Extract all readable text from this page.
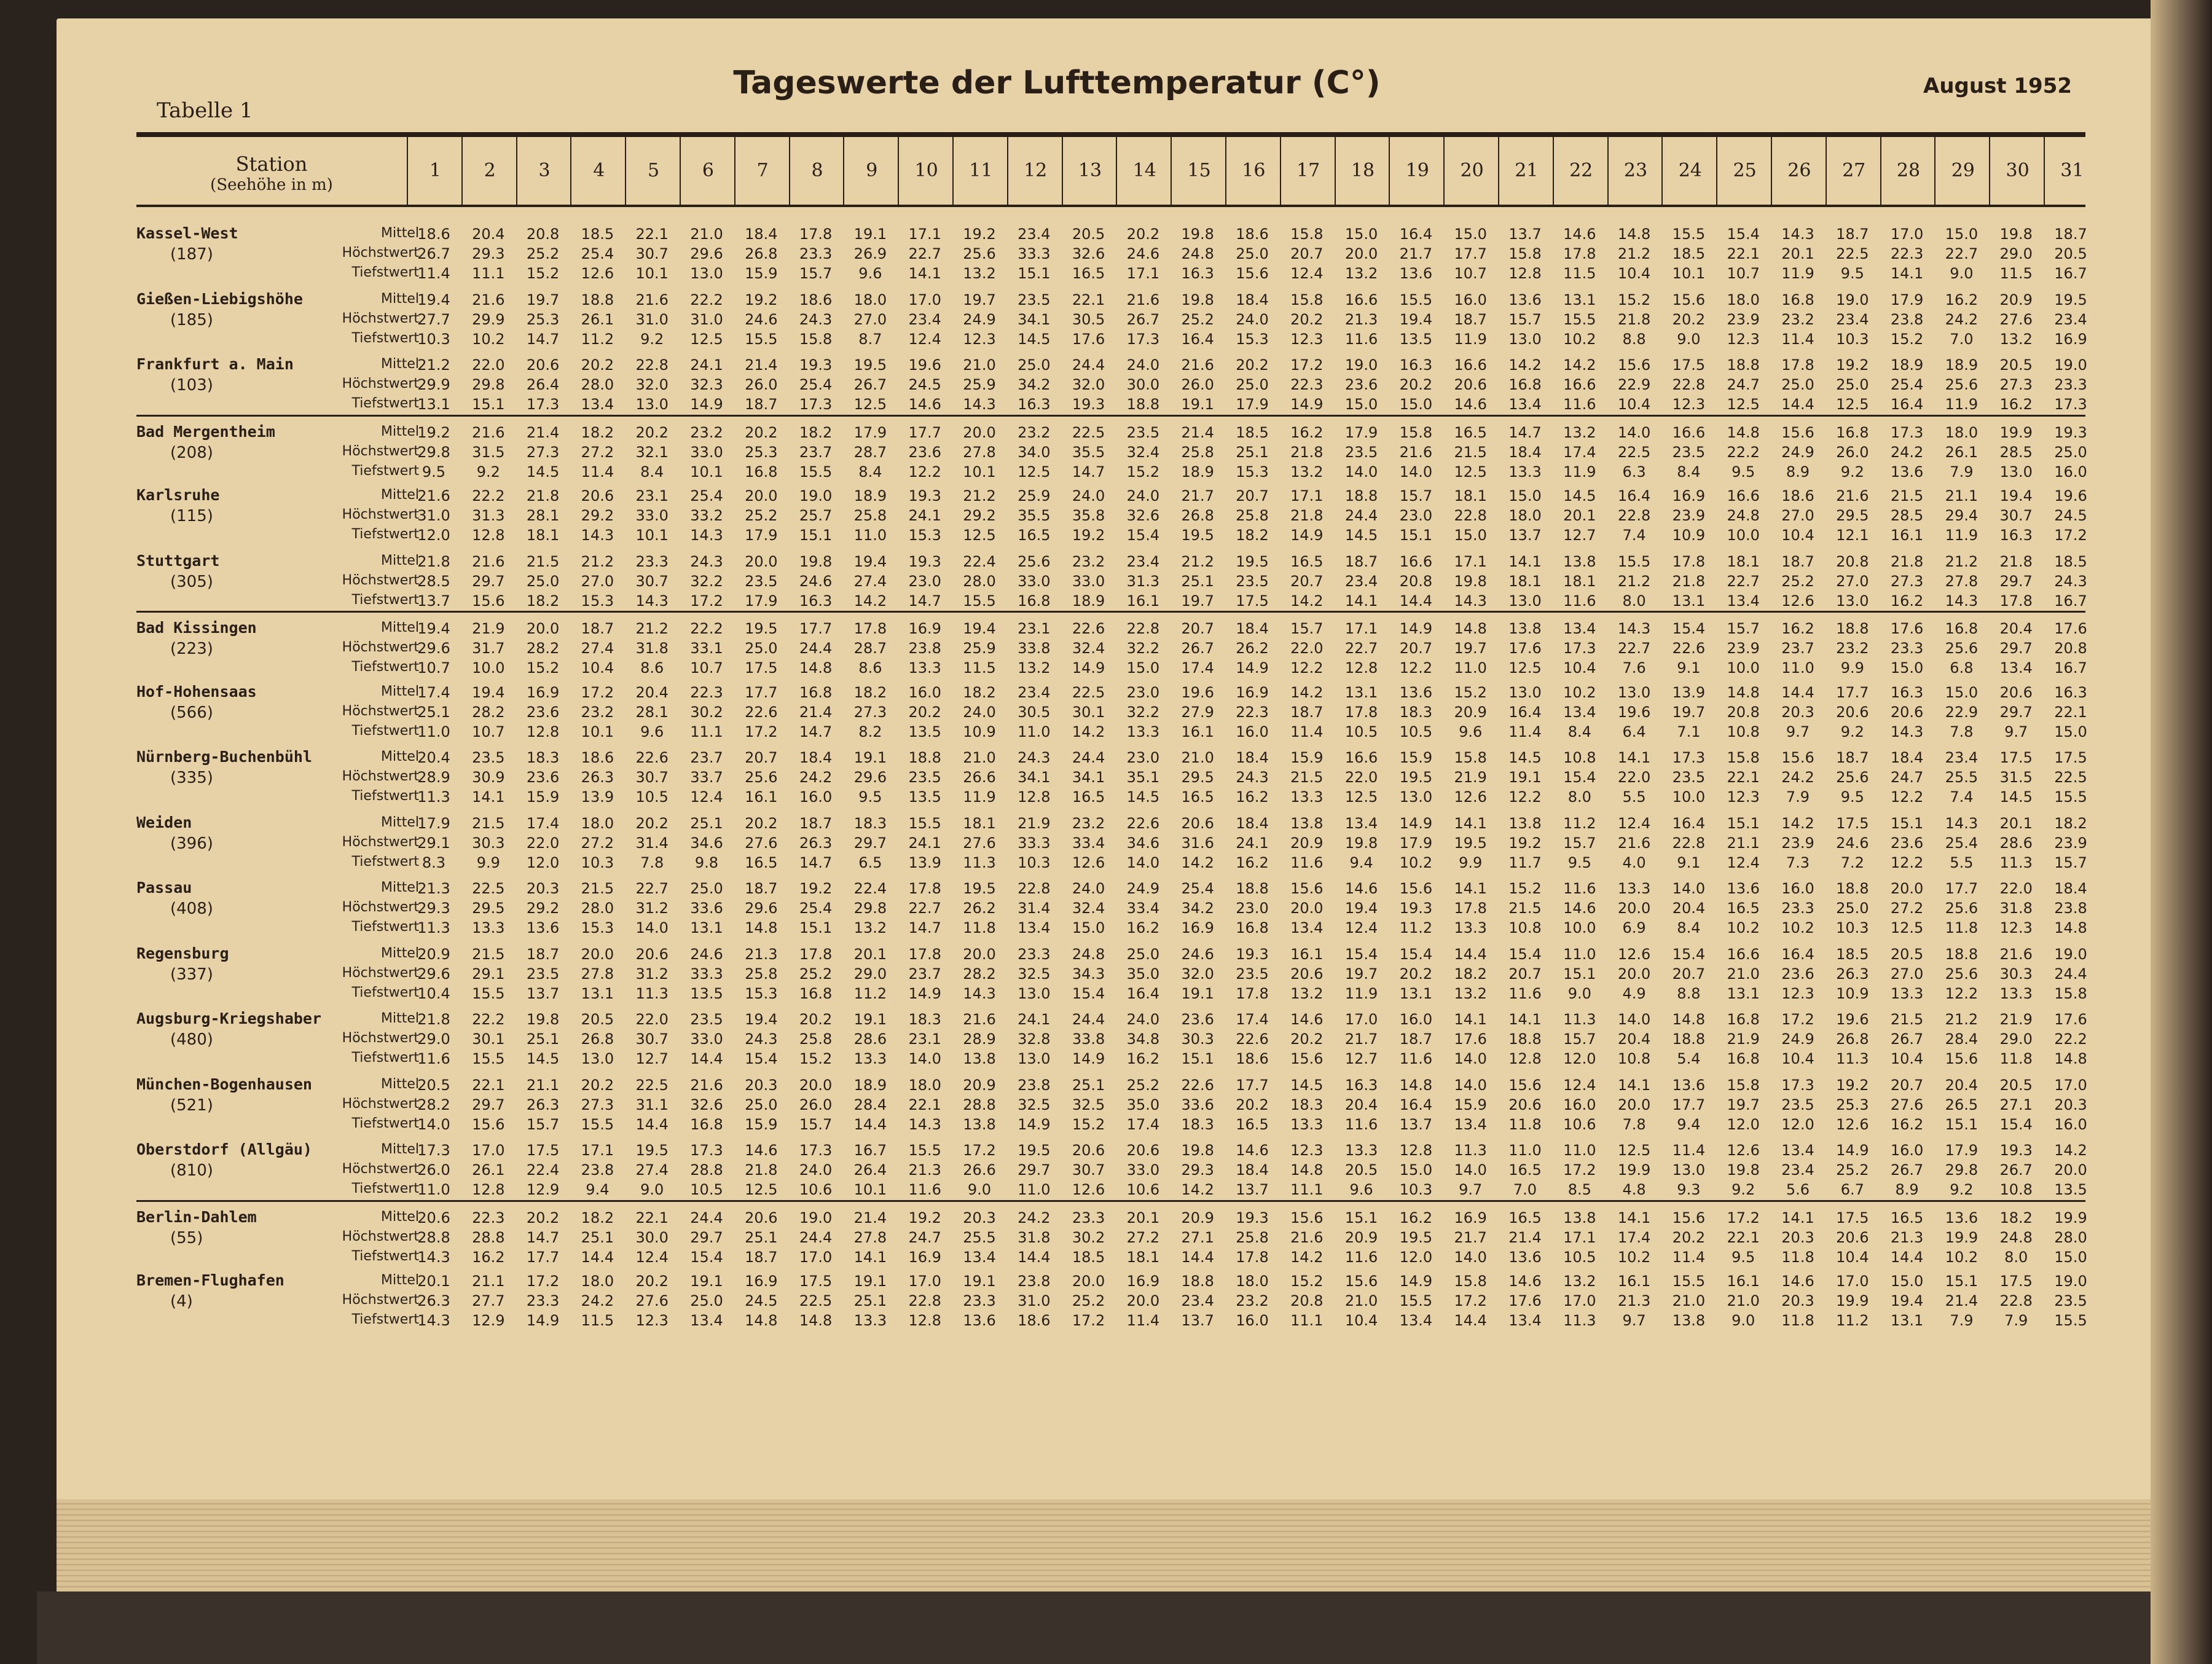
Tabelle 1
Tageswerte der Lufttemperatur (C°)	August 1952
Station
(Seehöhe in m)
1	2	3	4	5	6	7	8	9	10	11	12	13	14	15	16	17	18	19	20	21	22	23	24	25	26	27	28	29	30	31
Kassel-West
(187)
Mittel
18.6	20.4	20.8	18.5	22.1	21.0	18.4	17.8	19.1	17.1	19.2	23.4	20.5	20.2	19.8	18.6	15.8	15.0	16.4	15.0	13.7	14.6	14.8	15.5	15.4	14.3	18.7	17.0	15.0	19.8	18.7
Höchstwert
26.7	29.3	25.2	25.4	30.7	29.6	26.8	23.3	26.9	22.7	25.6	33.3	32.6	24.6	24.8	25.0	20.7	20.0	21.7	17.7	15.8	17.8	21.2	18.5	22.1	20.1	22.5	22.3	22.7	29.0	20.5
Tiefstwert
11.4	11.1	15.2	12.6	10.1	13.0	15.9	15.7	9.6	14.1	13.2	15.1	16.5	17.1	16.3	15.6	12.4	13.2	13.6	10.7	12.8	11.5	10.4	10.1	10.7	11.9	9.5	14.1	9.0	11.5	16.7
Gießen-Liebigshöhe
(185)
Mittel
19.4	21.6	19.7	18.8	21.6	22.2	19.2	18.6	18.0	17.0	19.7	23.5	22.1	21.6	19.8	18.4	15.8	16.6	15.5	16.0	13.6	13.1	15.2	15.6	18.0	16.8	19.0	17.9	16.2	20.9	19.5
Höchstwert
27.7	29.9	25.3	26.1	31.0	31.0	24.6	24.3	27.0	23.4	24.9	34.1	30.5	26.7	25.2	24.0	20.2	21.3	19.4	18.7	15.7	15.5	21.8	20.2	23.9	23.2	23.4	23.8	24.2	27.6	23.4
Tiefstwert
10.3	10.2	14.7	11.2	9.2	12.5	15.5	15.8	8.7	12.4	12.3	14.5	17.6	17.3	16.4	15.3	12.3	11.6	13.5	11.9	13.0	10.2	8.8	9.0	12.3	11.4	10.3	15.2	7.0	13.2	16.9
Frankfurt a. Main
(103)
Mittel
21.2	22.0	20.6	20.2	22.8	24.1	21.4	19.3	19.5	19.6	21.0	25.0	24.4	24.0	21.6	20.2	17.2	19.0	16.3	16.6	14.2	14.2	15.6	17.5	18.8	17.8	19.2	18.9	18.9	20.5	19.0
Höchstwert
29.9	29.8	26.4	28.0	32.0	32.3	26.0	25.4	26.7	24.5	25.9	34.2	32.0	30.0	26.0	25.0	22.3	23.6	20.2	20.6	16.8	16.6	22.9	22.8	24.7	25.0	25.0	25.4	25.6	27.3	23.3
Tiefstwert
13.1	15.1	17.3	13.4	13.0	14.9	18.7	17.3	12.5	14.6	14.3	16.3	19.3	18.8	19.1	17.9	14.9	15.0	15.0	14.6	13.4	11.6	10.4	12.3	12.5	14.4	12.5	16.4	11.9	16.2	17.3
Bad Mergentheim
(208)
Mittel
19.2	21.6	21.4	18.2	20.2	23.2	20.2	18.2	17.9	17.7	20.0	23.2	22.5	23.5	21.4	18.5	16.2	17.9	15.8	16.5	14.7	13.2	14.0	16.6	14.8	15.6	16.8	17.3	18.0	19.9	19.3
Höchstwert
29.8	31.5	27.3	27.2	32.1	33.0	25.3	23.7	28.7	23.6	27.8	34.0	35.5	32.4	25.8	25.1	21.8	23.5	21.6	21.5	18.4	17.4	22.5	23.5	22.2	24.9	26.0	24.2	26.1	28.5	25.0
Tiefstwert 9.5	9.2	14.5	11.4	8.4	10.1	16.8	15.5	8.4	12.2	10.1	12.5	14.7	15.2	18.9	15.3	13.2	14.0	14.0	12.5	13.3	11.9	6.3	8.4	9.5	8.9	9.2	13.6	7.9	13.0	16.0
Karlsruhe
(115)
Mittel
21.6	22.2	21.8	20.6	23.1	25.4	20.0	19.0	18.9	19.3	21.2	25.9	24.0	24.0	21.7	20.7	17.1	18.8	15.7	18.1	15.0	14.5	16.4	16.9	16.6	18.6	21.6	21.5	21.1	19.4	19.6
Höchstwert
31.0	31.3	28.1	29.2	33.0	33.2	25.2	25.7	25.8	24.1	29.2	35.5	35.8	32.6	26.8	25.8	21.8	24.4	23.0	22.8	18.0	20.1	22.8	23.9	24.8	27.0	29.5	28.5	29.4	30.7	24.5
Tiefstwert
12.0	12.8	18.1	14.3	10.1	14.3	17.9	15.1	11.0	15.3	12.5	16.5	19.2	15.4	19.5	18.2	14.9	14.5	15.1	15.0	13.7	12.7	7.4	10.9	10.0	10.4	12.1	16.1	11.9	16.3	17.2
Stuttgart
(305)
Mittel
21.8	21.6	21.5	21.2	23.3	24.3	20.0	19.8	19.4	19.3	22.4	25.6	23.2	23.4	21.2	19.5	16.5	18.7	16.6	17.1	14.1	13.8	15.5	17.8	18.1	18.7	20.8	21.8	21.2	21.8	18.5
Höchstwert
28.5	29.7	25.0	27.0	30.7	32.2	23.5	24.6	27.4	23.0	28.0	33.0	33.0	31.3	25.1	23.5	20.7	23.4	20.8	19.8	18.1	18.1	21.2	21.8	22.7	25.2	27.0	27.3	27.8	29.7	24.3
Tiefstwert
13.7	15.6	18.2	15.3	14.3	17.2	17.9	16.3	14.2	14.7	15.5	16.8	18.9	16.1	19.7	17.5	14.2	14.1	14.4	14.3	13.0	11.6	8.0	13.1	13.4	12.6	13.0	16.2	14.3	17.8	16.7
Bad Kissingen
(223)
Mittel
19.4	21.9	20.0	18.7	21.2	22.2	19.5	17.7	17.8	16.9	19.4	23.1	22.6	22.8	20.7	18.4	15.7	17.1	14.9	14.8	13.8	13.4	14.3	15.4	15.7	16.2	18.8	17.6	16.8	20.4	17.6
Höchstwert
29.6	31.7	28.2	27.4	31.8	33.1	25.0	24.4	28.7	23.8	25.9	33.8	32.4	32.2	26.7	26.2	22.0	22.7	20.7	19.7	17.6	17.3	22.7	22.6	23.9	23.7	23.2	23.3	25.6	29.7	20.8
Tiefstwert
10.7	10.0	15.2	10.4	8.6	10.7	17.5	14.8	8.6	13.3	11.5	13.2	14.9	15.0	17.4	14.9	12.2	12.8	12.2	11.0	12.5	10.4	7.6	9.1	10.0	11.0	9.9	15.0	6.8	13.4	16.7
Hof-Hohensaas
(566)
Mittel
17.4	19.4	16.9	17.2	20.4	22.3	17.7	16.8	18.2	16.0	18.2	23.4	22.5	23.0	19.6	16.9	14.2	13.1	13.6	15.2	13.0	10.2	13.0	13.9	14.8	14.4	17.7	16.3	15.0	20.6	16.3
Höchstwert
25.1	28.2	23.6	23.2	28.1	30.2	22.6	21.4	27.3	20.2	24.0	30.5	30.1	32.2	27.9	22.3	18.7	17.8	18.3	20.9	16.4	13.4	19.6	19.7	20.8	20.3	20.6	20.6	22.9	29.7	22.1
Tiefstwert
11.0	10.7	12.8	10.1	9.6	11.1	17.2	14.7	8.2	13.5	10.9	11.0	14.2	13.3	16.1	16.0	11.4	10.5	10.5	9.6	11.4	8.4	6.4	7.1	10.8	9.7	9.2	14.3	7.8	9.7	15.0
Nürnberg-Buchenbühl
(335)
Mittel
20.4	23.5	18.3	18.6	22.6	23.7	20.7	18.4	19.1	18.8	21.0	24.3	24.4	23.0	21.0	18.4	15.9	16.6	15.9	15.8	14.5	10.8	14.1	17.3	15.8	15.6	18.7	18.4	23.4	17.5	17.5
Höchstwert
28.9	30.9	23.6	26.3	30.7	33.7	25.6	24.2	29.6	23.5	26.6	34.1	34.1	35.1	29.5	24.3	21.5	22.0	19.5	21.9	19.1	15.4	22.0	23.5	22.1	24.2	25.6	24.7	25.5	31.5	22.5
Tiefstwert
11.3	14.1	15.9	13.9	10.5	12.4	16.1	16.0	9.5	13.5	11.9	12.8	16.5	14.5	16.5	16.2	13.3	12.5	13.0	12.6	12.2	8.0	5.5	10.0	12.3	7.9	9.5	12.2	7.4	14.5	15.5
Weiden
(396)
Mittel
17.9	21.5	17.4	18.0	20.2	25.1	20.2	18.7	18.3	15.5	18.1	21.9	23.2	22.6	20.6	18.4	13.8	13.4	14.9	14.1	13.8	11.2	12.4	16.4	15.1	14.2	17.5	15.1	14.3	20.1	18.2
Höchstwert
29.1	30.3	22.0	27.2	31.4	34.6	27.6	26.3	29.7	24.1	27.6	33.3	33.4	34.6	31.6	24.1	20.9	19.8	17.9	19.5	19.2	15.7	21.6	22.8	21.1	23.9	24.6	23.6	25.4	28.6	23.9
Tiefstwert 8.3	9.9	12.0	10.3	7.8	9.8	16.5	14.7	6.5	13.9	11.3	10.3	12.6	14.0	14.2	16.2	11.6	9.4	10.2	9.9	11.7	9.5	4.0	9.1	12.4	7.3	7.2	12.2	5.5	11.3	15.7
Passau
(408)
Mittel
21.3	22.5	20.3	21.5	22.7	25.0	18.7	19.2	22.4	17.8	19.5	22.8	24.0	24.9	25.4	18.8	15.6	14.6	15.6	14.1	15.2	11.6	13.3	14.0	13.6	16.0	18.8	20.0	17.7	22.0	18.4
Höchstwert
29.3	29.5	29.2	28.0	31.2	33.6	29.6	25.4	29.8	22.7	26.2	31.4	32.4	33.4	34.2	23.0	20.0	19.4	19.3	17.8	21.5	14.6	20.0	20.4	16.5	23.3	25.0	27.2	25.6	31.8	23.8
Tiefstwert
11.3	13.3	13.6	15.3	14.0	13.1	14.8	15.1	13.2	14.7	11.8	13.4	15.0	16.2	16.9	16.8	13.4	12.4	11.2	13.3	10.8	10.0	6.9	8.4	10.2	10.2	10.3	12.5	11.8	12.3	14.8
Regensburg
(337)
Mittel
20.9	21.5	18.7	20.0	20.6	24.6	21.3	17.8	20.1	17.8	20.0	23.3	24.8	25.0	24.6	19.3	16.1	15.4	15.4	14.4	15.4	11.0	12.6	15.4	16.6	16.4	18.5	20.5	18.8	21.6	19.0
Höchstwert
29.6	29.1	23.5	27.8	31.2	33.3	25.8	25.2	29.0	23.7	28.2	32.5	34.3	35.0	32.0	23.5	20.6	19.7	20.2	18.2	20.7	15.1	20.0	20.7	21.0	23.6	26.3	27.0	25.6	30.3	24.4
Tiefstwert
10.4	15.5	13.7	13.1	11.3	13.5	15.3	16.8	11.2	14.9	14.3	13.0	15.4	16.4	19.1	17.8	13.2	11.9	13.1	13.2	11.6	9.0	4.9	8.8	13.1	12.3	10.9	13.3	12.2	13.3	15.8
Augsburg-Kriegshaber
(480)
Mittel
21.8	22.2	19.8	20.5	22.0	23.5	19.4	20.2	19.1	18.3	21.6	24.1	24.4	24.0	23.6	17.4	14.6	17.0	16.0	14.1	14.1	11.3	14.0	14.8	16.8	17.2	19.6	21.5	21.2	21.9	17.6
Höchstwert
29.0	30.1	25.1	26.8	30.7	33.0	24.3	25.8	28.6	23.1	28.9	32.8	33.8	34.8	30.3	22.6	20.2	21.7	18.7	17.6	18.8	15.7	20.4	18.8	21.9	24.9	26.8	26.7	28.4	29.0	22.2
Tiefstwert
11.6	15.5	14.5	13.0	12.7	14.4	15.4	15.2	13.3	14.0	13.8	13.0	14.9	16.2	15.1	18.6	15.6	12.7	11.6	14.0	12.8	12.0	10.8	5.4	16.8	10.4	11.3	10.4	15.6	11.8	14.8
München-Bogenhausen
(521)
Mittel
20.5	22.1	21.1	20.2	22.5	21.6	20.3	20.0	18.9	18.0	20.9	23.8	25.1	25.2	22.6	17.7	14.5	16.3	14.8	14.0	15.6	12.4	14.1	13.6	15.8	17.3	19.2	20.7	20.4	20.5	17.0
Höchstwert
28.2	29.7	26.3	27.3	31.1	32.6	25.0	26.0	28.4	22.1	28.8	32.5	32.5	35.0	33.6	20.2	18.3	20.4	16.4	15.9	20.6	16.0	20.0	17.7	19.7	23.5	25.3	27.6	26.5	27.1	20.3
Tiefstwert
14.0	15.6	15.7	15.5	14.4	16.8	15.9	15.7	14.4	14.3	13.8	14.9	15.2	17.4	18.3	16.5	13.3	11.6	13.7	13.4	11.8	10.6	7.8	9.4	12.0	12.0	12.6	16.2	15.1	15.4	16.0
Oberstdorf (Allgäu)
(810)
Mittel
17.3	17.0	17.5	17.1	19.5	17.3	14.6	17.3	16.7	15.5	17.2	19.5	20.6	20.6	19.8	14.6	12.3	13.3	12.8	11.3	11.0	11.0	12.5	11.4	12.6	13.4	14.9	16.0	17.9	19.3	14.2
Höchstwert
26.0	26.1	22.4	23.8	27.4	28.8	21.8	24.0	26.4	21.3	26.6	29.7	30.7	33.0	29.3	18.4	14.8	20.5	15.0	14.0	16.5	17.2	19.9	13.0	19.8	23.4	25.2	26.7	29.8	26.7	20.0
Tiefstwert
11.0	12.8	12.9	9.4	9.0	10.5	12.5	10.6	10.1	11.6	9.0	11.0	12.6	10.6	14.2	13.7	11.1	9.6	10.3	9.7	7.0	8.5	4.8	9.3	9.2	5.6	6.7	8.9	9.2	10.8	13.5
Berlin-Dahlem
(55)
Mittel
20.6	22.3	20.2	18.2	22.1	24.4	20.6	19.0	21.4	19.2	20.3	24.2	23.3	20.1	20.9	19.3	15.6	15.1	16.2	16.9	16.5	13.8	14.1	15.6	17.2	14.1	17.5	16.5	13.6	18.2	19.9
Höchstwert
28.8	28.8	14.7	25.1	30.0	29.7	25.1	24.4	27.8	24.7	25.5	31.8	30.2	27.2	27.1	25.8	21.6	20.9	19.5	21.7	21.4	17.1	17.4	20.2	22.1	20.3	20.6	21.3	19.9	24.8	28.0
Tiefstwert
14.3	16.2	17.7	14.4	12.4	15.4	18.7	17.0	14.1	16.9	13.4	14.4	18.5	18.1	14.4	17.8	14.2	11.6	12.0	14.0	13.6	10.5	10.2	11.4	9.5	11.8	10.4	14.4	10.2	8.0	15.0
Bremen-Flughafen
(4)
Mittel
20.1	21.1	17.2	18.0	20.2	19.1	16.9	17.5	19.1	17.0	19.1	23.8	20.0	16.9	18.8	18.0	15.2	15.6	14.9	15.8	14.6	13.2	16.1	15.5	16.1	14.6	17.0	15.0	15.1	17.5	19.0
Höchstwert
26.3	27.7	23.3	24.2	27.6	25.0	24.5	22.5	25.1	22.8	23.3	31.0	25.2	20.0	23.4	23.2	20.8	21.0	15.5	17.2	17.6	17.0	21.3	21.0	21.0	20.3	19.9	19.4	21.4	22.8	23.5
Tiefstwert
14.3	12.9	14.9	11.5	12.3	13.4	14.8	14.8	13.3	12.8	13.6	18.6	17.2	11.4	13.7	16.0	11.1	10.4	13.4	14.4	13.4	11.3	9.7	13.8	9.0	11.8	11.2	13.1	7.9	7.9	15.5
